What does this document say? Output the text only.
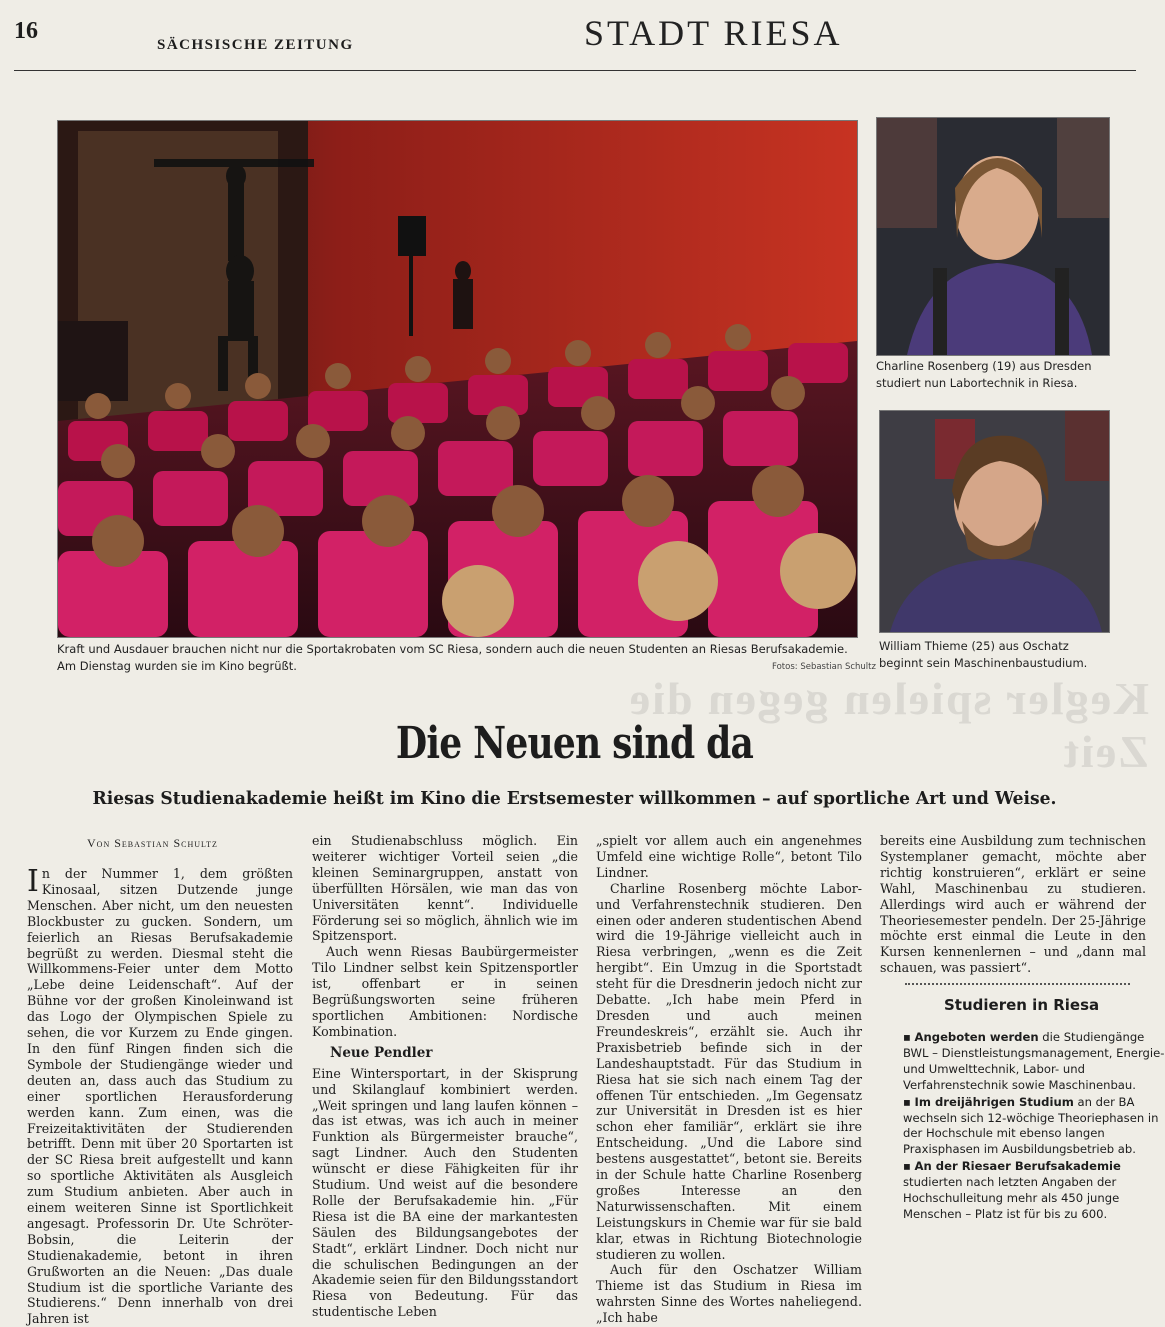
16
SÄCHSISCHE ZEITUNG	STADT RIESA
Kraft und Ausdauer brauchen nicht nur die Sportakrobaten vom SC Riesa, sondern auch die neuen Studenten an Riesas Berufsakademie. Am Dienstag wurden sie im Kino begrüßt.	Fotos: Sebastian Schultz
Charline Rosenberg (19) aus Dresden studiert nun Labortechnik in Riesa.
William Thieme (25) aus Oschatz beginnt sein Maschinenbaustudium.
Kegler spielen gegen die Zeit
Die Neuen sind da
Riesas Studienakademie heißt im Kino die Erstsemester willkommen – auf sportliche Art und Weise.
Von Sebastian Schultz

In der Nummer 1, dem größten Kinosaal, sitzen Dutzende junge Menschen. Aber nicht, um den neuesten Blockbuster zu gucken. Sondern, um feierlich an Riesas Berufsakademie begrüßt zu werden. Diesmal steht die Willkommens-Feier unter dem Motto „Lebe deine Leidenschaft“. Auf der Bühne vor der großen Kinoleinwand ist das Logo der Olympischen Spiele zu sehen, die vor Kurzem zu Ende gingen. In den fünf Ringen finden sich die Symbole der Studiengänge wieder und deuten an, dass auch das Studium zu einer sportlichen Herausforderung werden kann. Zum einen, was die Freizeitaktivitäten der Studierenden betrifft. Denn mit über 20 Sportarten ist der SC Riesa breit aufgestellt und kann so sportliche Aktivitäten als Ausgleich zum Studium anbieten. Aber auch in einem weiteren Sinne ist Sportlichkeit angesagt. Professorin Dr. Ute Schröter-Bobsin, die Leiterin der Studienakademie, betont in ihren Grußworten an die Neuen: „Das duale Studium ist die sportliche Variante des Studierens.“ Denn innerhalb von drei Jahren ist

ein Studienabschluss möglich. Ein weiterer wichtiger Vorteil seien „die kleinen Seminargruppen, anstatt von überfüllten Hörsälen, wie man das von Universitäten kennt“. Individuelle Förderung sei so möglich, ähnlich wie im Spitzensport.

Auch wenn Riesas Baubürgermeister Tilo Lindner selbst kein Spitzensportler ist, offenbart er in seinen Begrüßungsworten seine früheren sportlichen Ambitionen: Nordische Kombination.

Neue Pendler

Eine Wintersportart, in der Skisprung und Skilanglauf kombiniert werden. „Weit springen und lang laufen können – das ist etwas, was ich auch in meiner Funktion als Bürgermeister brauche“, sagt Lindner. Auch den Studenten wünscht er diese Fähigkeiten für ihr Studium. Und weist auf die besondere Rolle der Berufsakademie hin. „Für Riesa ist die BA eine der markantesten Säulen des Bildungsangebotes der Stadt“, erklärt Lindner. Doch nicht nur die schulischen Bedingungen an der Akademie seien für den Bildungsstandort Riesa von Bedeutung. Für das studentische Leben

„spielt vor allem auch ein angenehmes Umfeld eine wichtige Rolle“, betont Tilo Lindner.

Charline Rosenberg möchte Labor- und Verfahrenstechnik studieren. Den einen oder anderen studentischen Abend wird die 19-Jährige vielleicht auch in Riesa verbringen, „wenn es die Zeit hergibt“. Ein Umzug in die Sportstadt steht für die Dresdnerin jedoch nicht zur Debatte. „Ich habe mein Pferd in Dresden und auch meinen Freundeskreis“, erzählt sie. Auch ihr Praxisbetrieb befinde sich in der Landeshauptstadt. Für das Studium in Riesa hat sie sich nach einem Tag der offenen Tür entschieden. „Im Gegensatz zur Universität in Dresden ist es hier schon eher familiär“, erklärt sie ihre Entscheidung. „Und die Labore sind bestens ausgestattet“, betont sie. Bereits in der Schule hatte Charline Rosenberg großes Interesse an den Naturwissenschaften. Mit einem Leistungskurs in Chemie war für sie bald klar, etwas in Richtung Biotechnologie studieren zu wollen.

Auch für den Oschatzer William Thieme ist das Studium in Riesa im wahrsten Sinne des Wortes naheliegend. „Ich habe

bereits eine Ausbildung zum technischen Systemplaner gemacht, möchte aber richtig konstruieren“, erklärt er seine Wahl, Maschinenbau zu studieren. Allerdings wird auch er während der Theoriesemester pendeln. Der 25-Jährige möchte erst einmal die Leute in den Kursen kennenlernen – und „dann mal schauen, was passiert“.

Studieren in Riesa

▪ Angeboten werden die Studiengänge BWL – Dienstleistungsmanagement, Energie- und Umwelttechnik, Labor- und Verfahrenstechnik sowie Maschinenbau.

▪ Im dreijährigen Studium an der BA wechseln sich 12-wöchige Theoriephasen in der Hochschule mit ebenso langen Praxisphasen im Ausbildungsbetrieb ab.

▪ An der Riesaer Berufsakademie studierten nach letzten Angaben der Hochschulleitung mehr als 450 junge Menschen – Platz ist für bis zu 600.
